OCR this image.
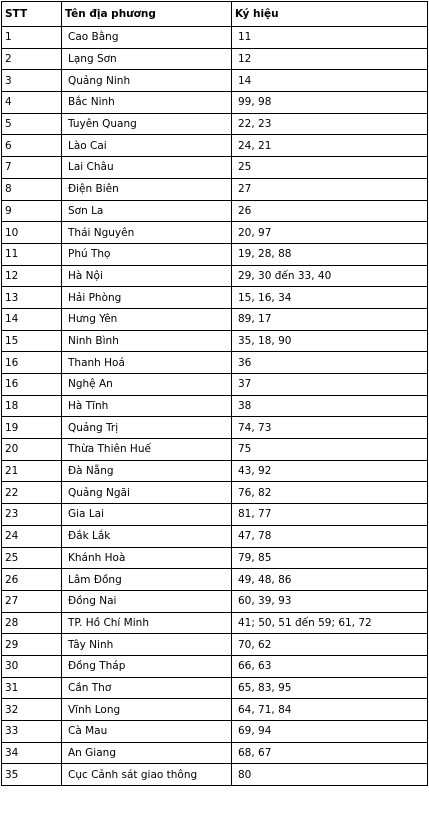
STT	Tên địa phương	Ký hiệu
1	Cao Bằng	11
2	Lạng Sơn	12
3	Quảng Ninh	14
4	Bắc Ninh	99, 98
5	Tuyên Quang	22, 23
6	Lào Cai	24, 21
7	Lai Châu	25
8	Điện Biên	27
9	Sơn La	26
10	Thái Nguyên	20, 97
11	Phú Thọ	19, 28, 88
12	Hà Nội	29, 30 đến 33, 40
13	Hải Phòng	15, 16, 34
14	Hưng Yên	89, 17
15	Ninh Bình	35, 18, 90
16	Thanh Hoá	36
16	Nghệ An	37
18	Hà Tĩnh	38
19	Quảng Trị	74, 73
20	Thừa Thiên Huế	75
21	Đà Nẵng	43, 92
22	Quảng Ngãi	76, 82
23	Gia Lai	81, 77
24	Đắk Lắk	47, 78
25	Khánh Hoà	79, 85
26	Lâm Đồng	49, 48, 86
27	Đồng Nai	60, 39, 93
28	TP. Hồ Chí Minh	41; 50, 51 đến 59; 61, 72
29	Tây Ninh	70, 62
30	Đồng Tháp	66, 63
31	Cần Thơ	65, 83, 95
32	Vĩnh Long	64, 71, 84
33	Cà Mau	69, 94
34	An Giang	68, 67
35	Cục Cảnh sát giao thông	80
